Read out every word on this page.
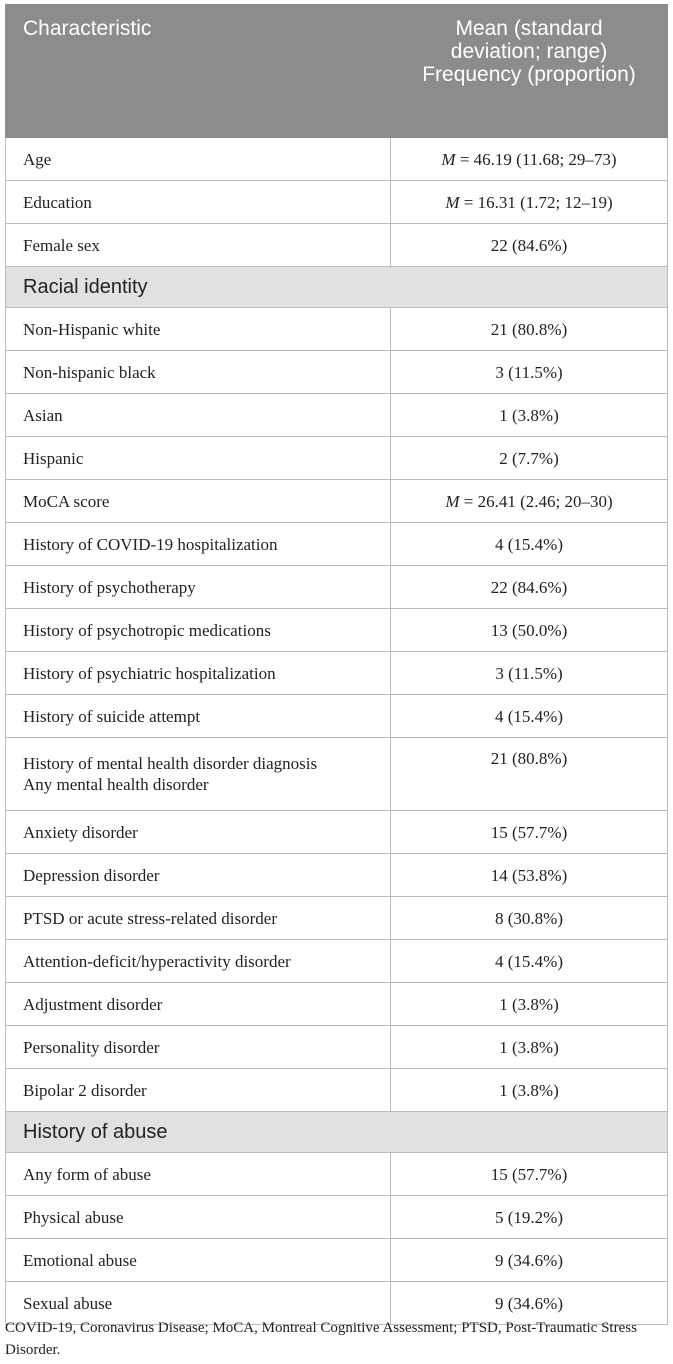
Characteristic	Mean (standard deviation; range) Frequency (proportion)
Age	M = 46.19 (11.68; 29–73)
Education	M = 16.31 (1.72; 12–19)
Female sex	22 (84.6%)
Racial identity	
Non-Hispanic white	21 (80.8%)
Non-hispanic black	3 (11.5%)
Asian	1 (3.8%)
Hispanic	2 (7.7%)
MoCA score	M = 26.41 (2.46; 20–30)
History of COVID-19 hospitalization	4 (15.4%)
History of psychotherapy	22 (84.6%)
History of psychotropic medications	13 (50.0%)
History of psychiatric hospitalization	3 (11.5%)
History of suicide attempt	4 (15.4%)
History of mental health disorder diagnosis
Any mental health disorder	21 (80.8%)
Anxiety disorder	15 (57.7%)
Depression disorder	14 (53.8%)
PTSD or acute stress-related disorder	8 (30.8%)
Attention-deficit/hyperactivity disorder	4 (15.4%)
Adjustment disorder	1 (3.8%)
Personality disorder	1 (3.8%)
Bipolar 2 disorder	1 (3.8%)
History of abuse	
Any form of abuse	15 (57.7%)
Physical abuse	5 (19.2%)
Emotional abuse	9 (34.6%)
Sexual abuse	9 (34.6%)
COVID-19, Coronavirus Disease; MoCA, Montreal Cognitive Assessment; PTSD, Post-Traumatic Stress Disorder.
